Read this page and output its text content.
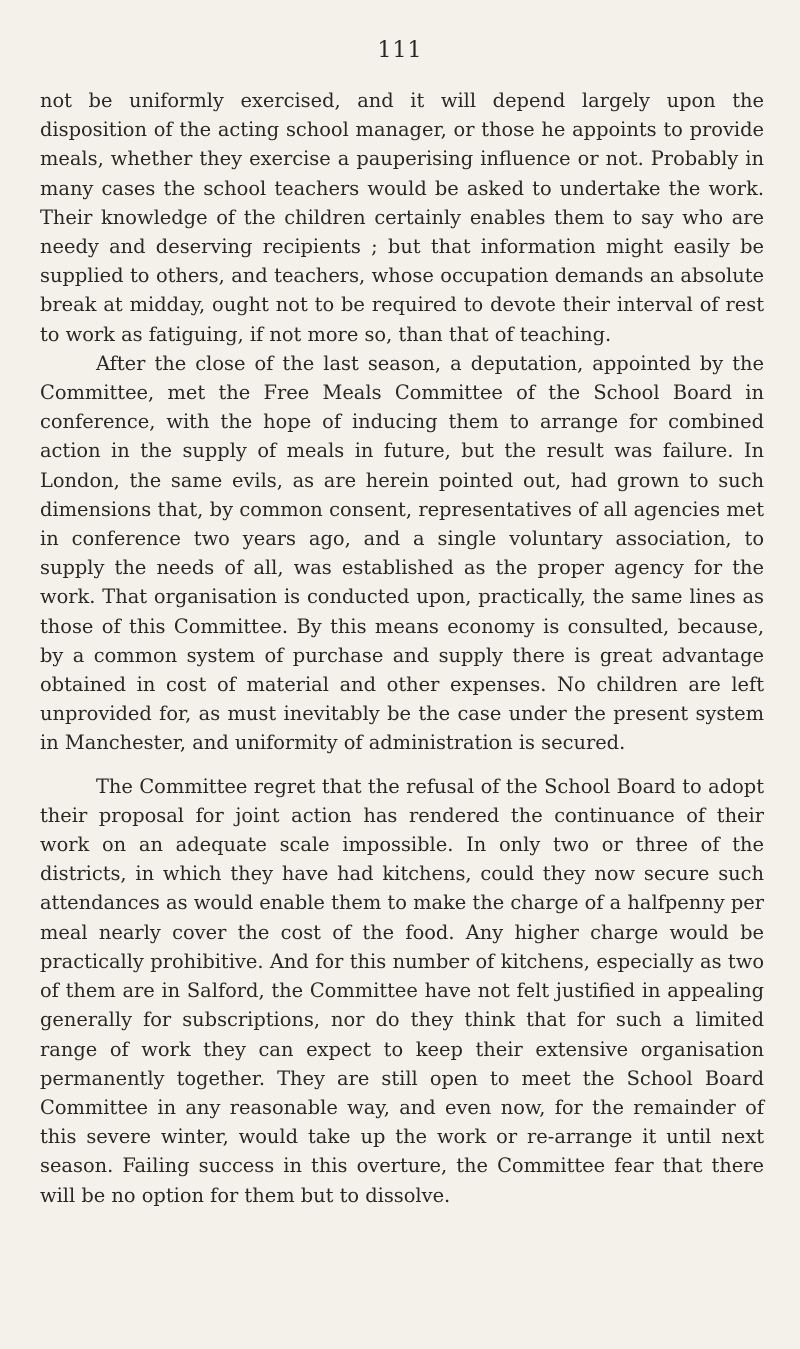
111

not be uniformly exercised, and it will depend largely upon the disposition of the acting school manager, or those he appoints to provide meals, whether they exercise a pauperising influence or not. Probably in many cases the school teachers would be asked to undertake the work. Their knowledge of the children certainly enables them to say who are needy and deserving recipients ; but that information might easily be supplied to others, and teachers, whose occupation demands an absolute break at midday, ought not to be required to devote their interval of rest to work as fatiguing, if not more so, than that of teaching.

After the close of the last season, a deputation, appointed by the Committee, met the Free Meals Committee of the School Board in conference, with the hope of inducing them to arrange for combined action in the supply of meals in future, but the result was failure. In London, the same evils, as are herein pointed out, had grown to such dimensions that, by common consent, representatives of all agencies met in conference two years ago, and a single voluntary association, to supply the needs of all, was established as the proper agency for the work. That organisation is conducted upon, practically, the same lines as those of this Committee. By this means economy is consulted, because, by a common system of purchase and supply there is great advantage obtained in cost of material and other expenses. No children are left unprovided for, as must inevitably be the case under the present system in Manchester, and uniformity of administration is secured.

The Committee regret that the refusal of the School Board to adopt their proposal for joint action has rendered the continuance of their work on an adequate scale impossible. In only two or three of the districts, in which they have had kitchens, could they now secure such attendances as would enable them to make the charge of a halfpenny per meal nearly cover the cost of the food. Any higher charge would be practically prohibitive. And for this number of kitchens, especially as two of them are in Salford, the Committee have not felt justified in appealing generally for subscriptions, nor do they think that for such a limited range of work they can expect to keep their extensive organisation permanently together. They are still open to meet the School Board Committee in any reasonable way, and even now, for the remainder of this severe winter, would take up the work or re-arrange it until next season. Failing success in this overture, the Committee fear that there will be no option for them but to dissolve.
